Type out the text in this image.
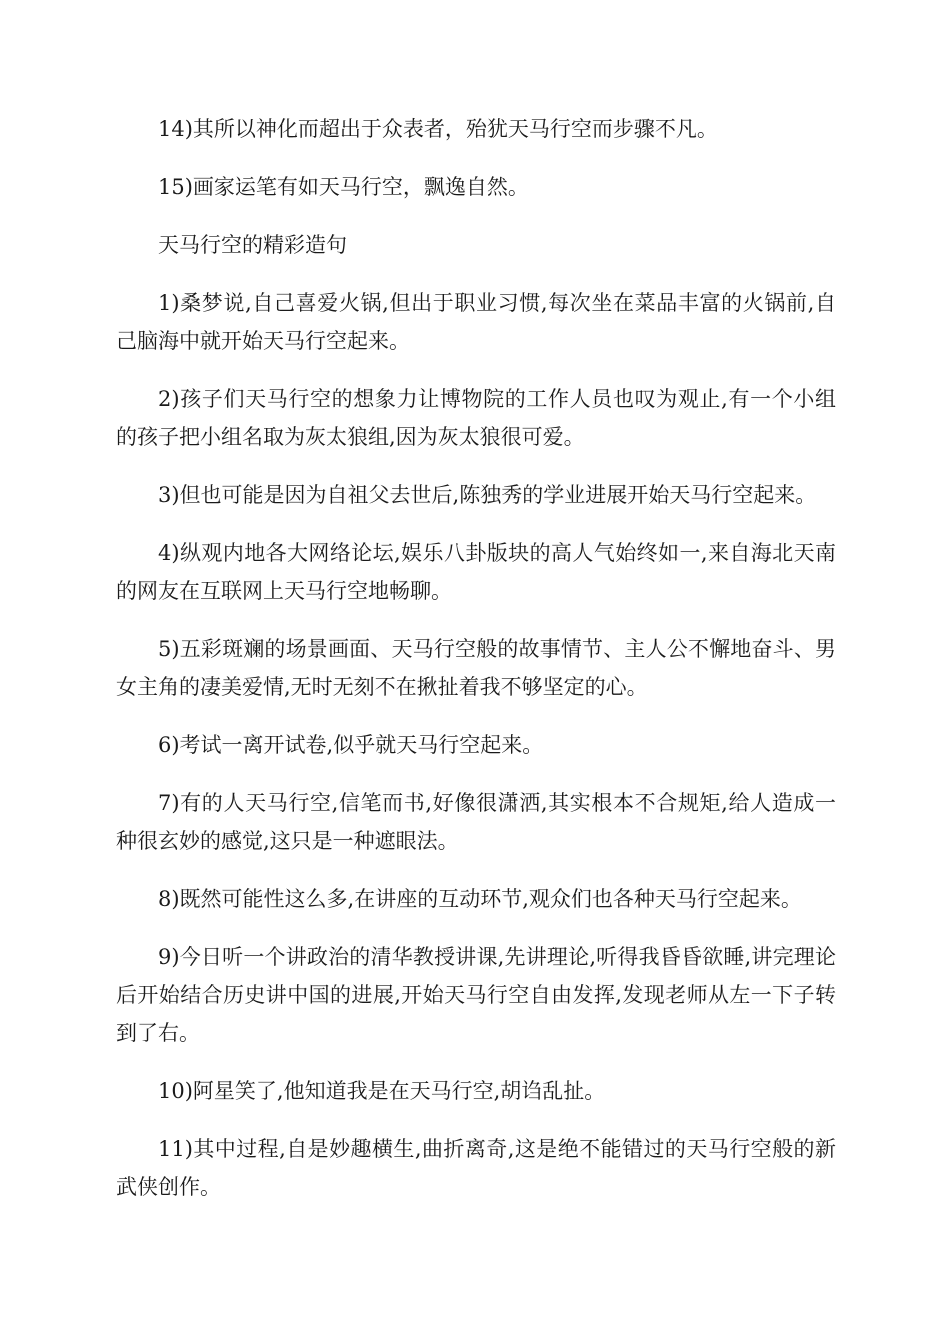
14)其所以神化而超出于众表者，殆犹天马行空而步骤不凡。

15)画家运笔有如天马行空，飘逸自然。

天马行空的精彩造句

1)桑梦说,自己喜爱火锅,但出于职业习惯,每次坐在菜品丰富的火锅前,自己脑海中就开始天马行空起来。

2)孩子们天马行空的想象力让博物院的工作人员也叹为观止,有一个小组的孩子把小组名取为灰太狼组,因为灰太狼很可爱。

3)但也可能是因为自祖父去世后,陈独秀的学业进展开始天马行空起来。

4)纵观内地各大网络论坛,娱乐八卦版块的高人气始终如一,来自海北天南的网友在互联网上天马行空地畅聊。

5)五彩斑斓的场景画面、天马行空般的故事情节、主人公不懈地奋斗、男女主角的凄美爱情,无时无刻不在揪扯着我不够坚定的心。

6)考试一离开试卷,似乎就天马行空起来。

7)有的人天马行空,信笔而书,好像很潇洒,其实根本不合规矩,给人造成一种很玄妙的感觉,这只是一种遮眼法。

8)既然可能性这么多,在讲座的互动环节,观众们也各种天马行空起来。

9)今日听一个讲政治的清华教授讲课,先讲理论,听得我昏昏欲睡,讲完理论后开始结合历史讲中国的进展,开始天马行空自由发挥,发现老师从左一下子转到了右。

10)阿星笑了,他知道我是在天马行空,胡诌乱扯。

11)其中过程,自是妙趣横生,曲折离奇,这是绝不能错过的天马行空般的新武侠创作。
